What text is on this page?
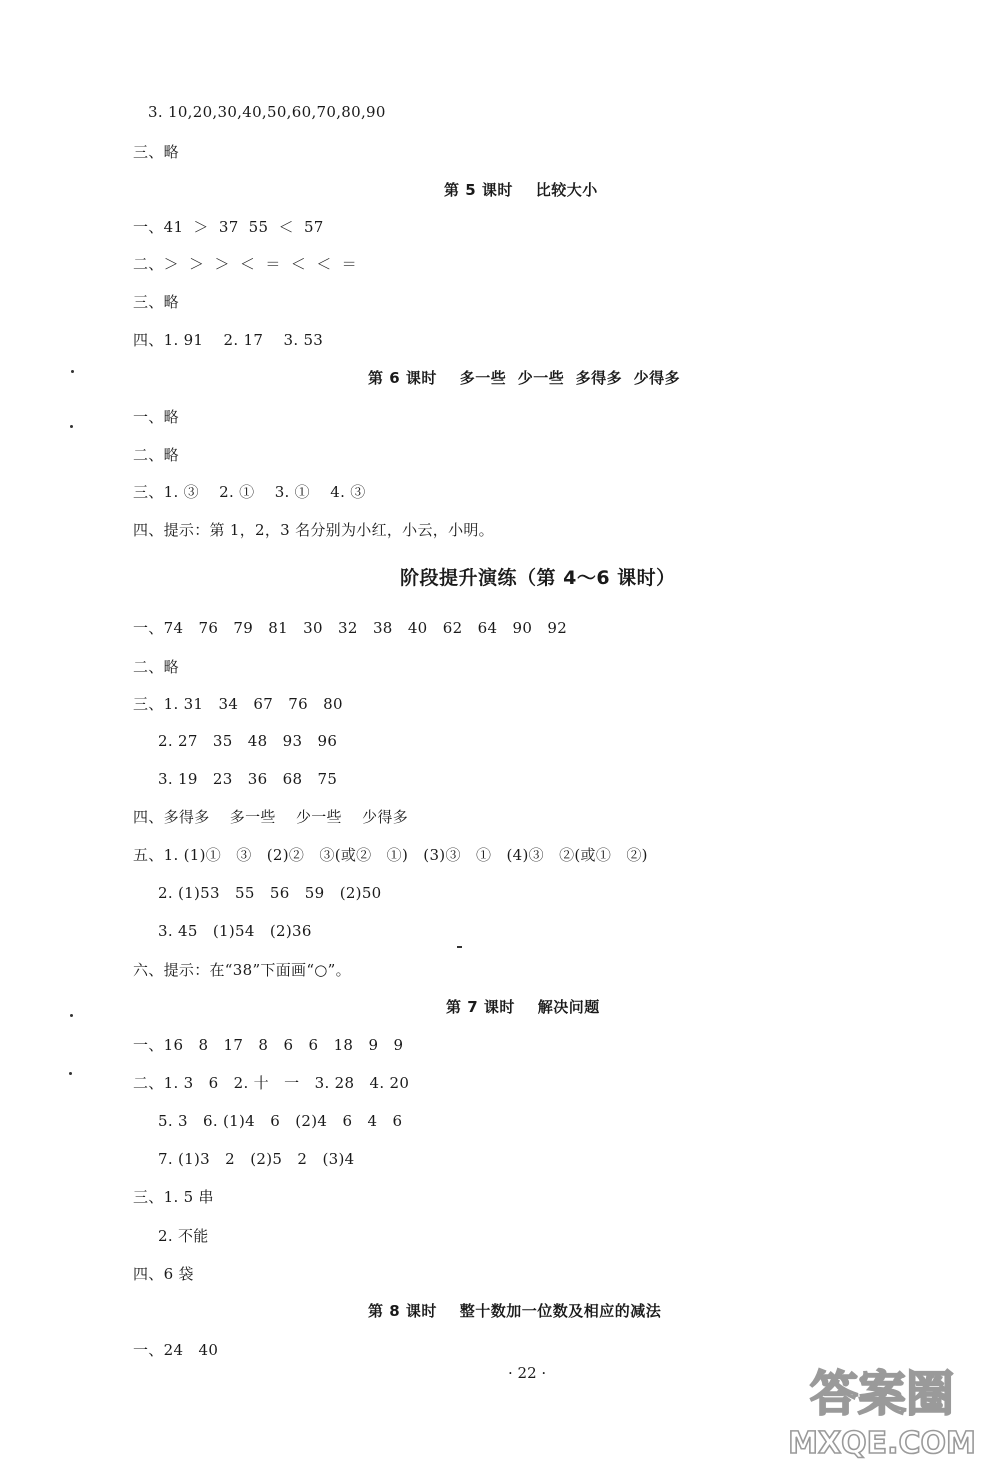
3. 10,20,30,40,50,60,70,80,90
三、略
第 5 课时    比较大小
一、41  ＞  37  55  ＜  57
二、＞  ＞  ＞  ＜  ＝  ＜  ＜  ＝
三、略
四、1. 91    2. 17    3. 53
第 6 课时    多一些  少一些  多得多  少得多
一、略
二、略
三、1. ③    2. ①    3. ①    4. ③
四、提示：第 1，2，3 名分别为小红，小云，小明。
阶段提升演练（第 4～6 课时）
一、74   76   79   81   30   32   38   40   62   64   90   92
二、略
三、1. 31   34   67   76   80
2. 27   35   48   93   96
3. 19   23   36   68   75
四、多得多    多一些    少一些    少得多
五、1. (1)①   ③   (2)②   ③(或②   ①)   (3)③   ①   (4)③   ②(或①   ②)
2. (1)53   55   56   59   (2)50
3. 45   (1)54   (2)36
六、提示：在“38”下面画“○”。
第 7 课时    解决问题
一、16   8   17   8   6   6   18   9   9
二、1. 3   6   2. 十   一   3. 28   4. 20
5. 3   6. (1)4   6   (2)4   6   4   6
7. (1)3   2   (2)5   2   (3)4
三、1. 5 串
2. 不能
四、6 袋
第 8 课时    整十数加一位数及相应的减法
一、24   40
· 22 ·	答案圈
MXQE.COM
